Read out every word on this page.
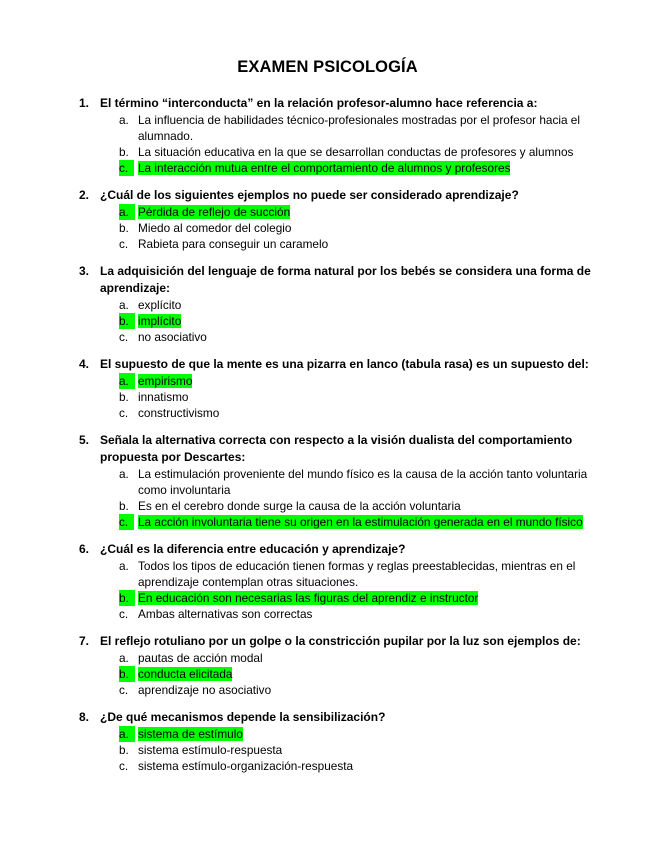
EXAMEN PSICOLOGÍA
1. El término “interconducta” en la relación profesor-alumno hace referencia a:
a. La influencia de habilidades técnico-profesionales mostradas por el profesor hacia el alumnado.
b. La situación educativa en la que se desarrollan conductas de profesores y alumnos
c. La interacción mutua entre el comportamiento de alumnos y profesores
2. ¿Cuál de los siguientes ejemplos no puede ser considerado aprendizaje?
a. Pérdida de reflejo de succión
b. Miedo al comedor del colegio
c. Rabieta para conseguir un caramelo
3. La adquisición del lenguaje de forma natural por los bebés se considera una forma de aprendizaje:
a. explícito
b. implícito
c. no asociativo
4. El supuesto de que la mente es una pizarra en lanco (tabula rasa) es un supuesto del:
a. empirismo
b. innatismo
c. constructivismo
5. Señala la alternativa correcta con respecto a la visión dualista del comportamiento propuesta por Descartes:
a. La estimulación proveniente del mundo físico es la causa de la acción tanto voluntaria como involuntaria
b. Es en el cerebro donde surge la causa de la acción voluntaria
c. La acción involuntaria tiene su origen en la estimulación generada en el mundo físico
6. ¿Cuál es la diferencia entre educación y aprendizaje?
a. Todos los tipos de educación tienen formas y reglas preestablecidas, mientras en el aprendizaje contemplan otras situaciones.
b. En educación son necesarias las figuras del aprendiz e instructor
c. Ambas alternativas son correctas
7. El reflejo rotuliano por un golpe o la constricción pupilar por la luz son ejemplos de:
a. pautas de acción modal
b. conducta elicitada
c. aprendizaje no asociativo
8. ¿De qué mecanismos depende la sensibilización?
a. sistema de estímulo
b. sistema estímulo-respuesta
c. sistema estímulo-organización-respuesta
